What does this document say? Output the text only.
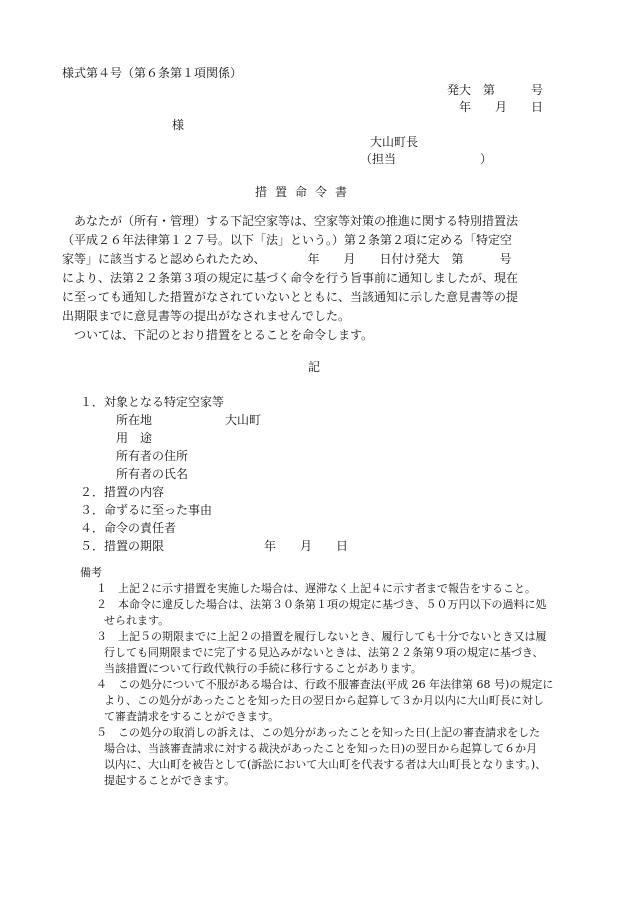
様式第４号（第６条第１項関係）
発大　第　　　号
年　　月　　日
様
大山町長
（担当　　　　　　　）
措置命令書
　あなたが（所有・管理）する下記空家等は、空家等対策の推進に関する特別措置法
（平成２６年法律第１２７号。以下「法」という。）第２条第２項に定める「特定空
家等」に該当すると認められたため、　　　　年　　月　　日付け発大　第　　　号
により、法第２２条第３項の規定に基づく命令を行う旨事前に通知しましたが、現在
に至っても通知した措置がなされていないとともに、当該通知に示した意見書等の提
出期限までに意見書等の提出がなされませんでした。
　ついては、下記のとおり措置をとることを命令します。
記
１．対象となる特定空家等
所在地	大山町
用　途
所有者の住所
所有者の氏名
２．措置の内容
３．命ずるに至った事由
４．命令の責任者
５．措置の期限	年　　月　　日
備考
１　上記２に示す措置を実施した場合は、遅滞なく上記４に示す者まで報告をすること。
２　本命令に違反した場合は、法第３０条第１項の規定に基づき、５０万円以下の過料に処
せられます。
３　上記５の期限までに上記２の措置を履行しないとき、履行しても十分でないとき又は履
行しても同期限までに完了する見込みがないときは、法第２２条第９項の規定に基づき、
当該措置について行政代執行の手続に移行することがあります。
４　この処分について不服がある場合は、行政不服審査法(平成 26 年法律第 68 号)の規定に
より、この処分があったことを知った日の翌日から起算して３か月以内に大山町長に対し
て審査請求をすることができます。
５　この処分の取消しの訴えは、この処分があったことを知った日(上記の審査請求をした
場合は、当該審査請求に対する裁決があったことを知った日)の翌日から起算して６か月
以内に、大山町を被告として(訴訟において大山町を代表する者は大山町長となります。)、
提起することができます。
